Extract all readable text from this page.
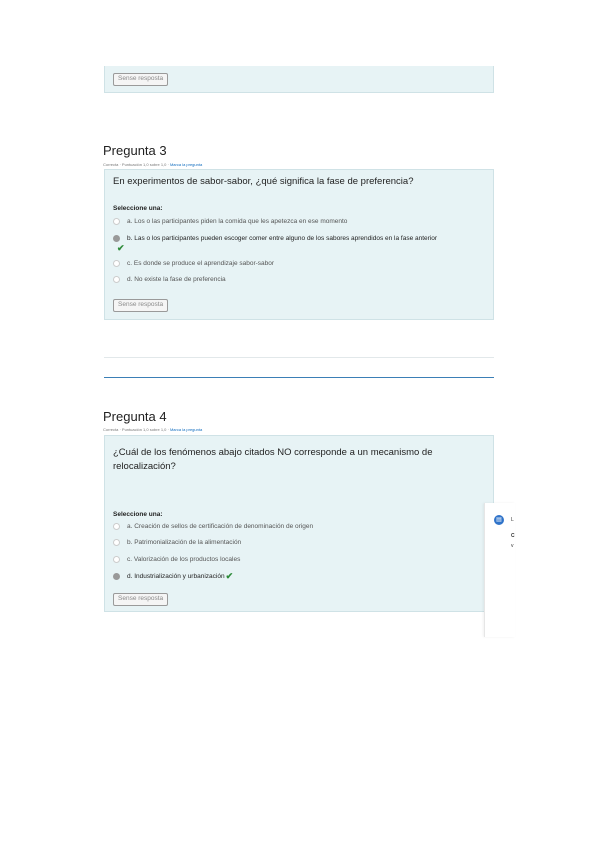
Sense resposta
Pregunta 3
Correcta · Puntuación 1,0 sobre 1,0 · Marca la pregunta
En experimentos de sabor-sabor, ¿qué significa la fase de preferencia?
Seleccione una:
a. Los o las participantes piden la comida que les apetezca en ese momento
b. Las o los participantes pueden escoger comer entre alguno de los sabores aprendidos en la fase anterior
✔
c. Es donde se produce el aprendizaje sabor-sabor
d. No existe la fase de preferencia
Sense resposta
Pregunta 4
Correcta · Puntuación 1,0 sobre 1,0 · Marca la pregunta
¿Cuál de los fenómenos abajo citados NO corresponde a un mecanismo de relocalización?
Seleccione una:
a. Creación de sellos de certificación de denominación de origen
b. Patrimonialización de la alimentación
c. Valorización de los productos locales
d. Industrialización y urbanización ✔
Sense resposta
▤	L
C
v
